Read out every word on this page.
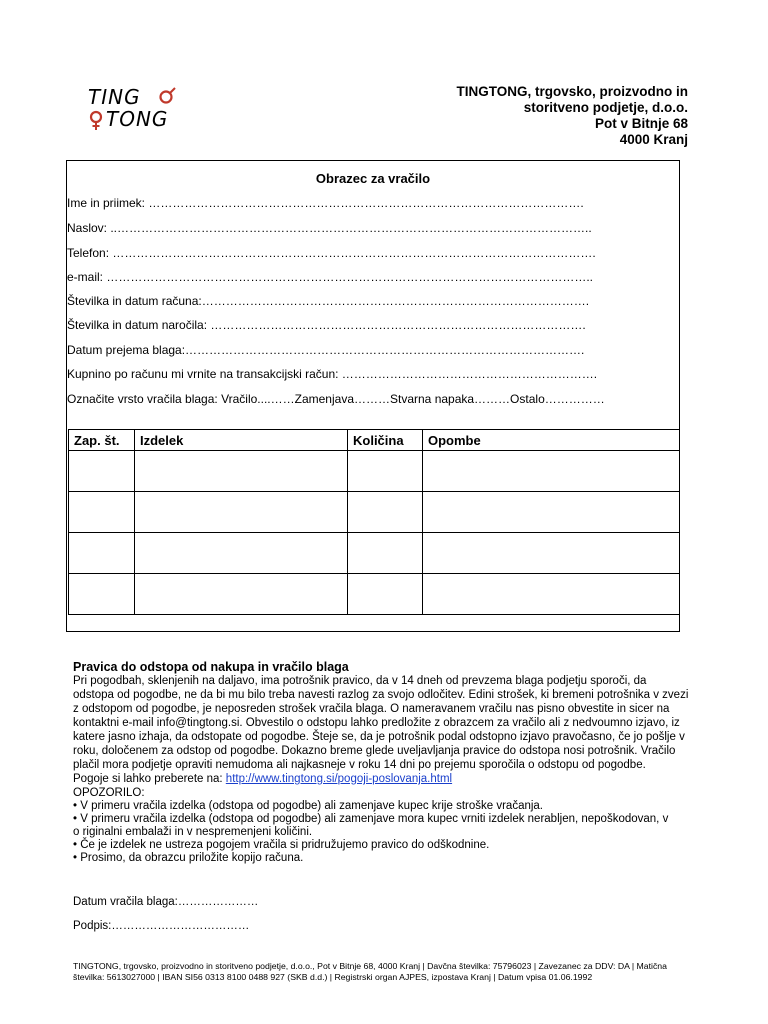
TING
TONG
TINGTONG, trgovsko, proizvodno in
storitveno podjetje, d.o.o.
Pot v Bitnje 68
4000 Kranj
Obrazec za vračilo
Ime in priimek: ……………………………………………………………………………………………….
Naslov: ..………………………………………………………………………………………………………..
Telefon: ………………………………………………………………………………………………………….
e-mail: …………………………………………………………………………………………………………..
Številka in datum računa:…………………………………………………………………………………….
Številka in datum naročila: ………………………………………………………………………………….
Datum prejema blaga:……………………………………………………………………………………….
Kupnino po računu mi vrnite na transakcijski račun: ……………………………………………………….
Označite vrsto vračila blaga: Vračilo....……Zamenjava………Stvarna napaka………Ostalo……………
Zap. št.	Izdelek	Količina	Opombe

Pravica do odstopa od nakupa in vračilo blaga

Pri pogodbah, sklenjenih na daljavo, ima potrošnik pravico, da v 14 dneh od prevzema blaga podjetju sporoči, da

odstopa od pogodbe, ne da bi mu bilo treba navesti razlog za svojo odločitev. Edini strošek, ki bremeni potrošnika v zvezi

z odstopom od pogodbe, je neposreden strošek vračila blaga. O nameravanem vračilu nas pisno obvestite in sicer na

kontaktni e-mail info@tingtong.si. Obvestilo o odstopu lahko predložite z obrazcem za vračilo ali z nedvoumno izjavo, iz

katere jasno izhaja, da odstopate od pogodbe. Šteje se, da je potrošnik podal odstopno izjavo pravočasno, če jo pošlje v

roku, določenem za odstop od pogodbe. Dokazno breme glede uveljavljanja pravice do odstopa nosi potrošnik. Vračilo

plačil mora podjetje opraviti nemudoma ali najkasneje v roku 14 dni po prejemu sporočila o odstopu od pogodbe.

Pogoje si lahko preberete na: http://www.tingtong.si/pogoji-poslovanja.html

OPOZORILO:
• V primeru vračila izdelka (odstopa od pogodbe) ali zamenjave kupec krije stroške vračanja.
• V primeru vračila izdelka (odstopa od pogodbe) ali zamenjave mora kupec vrniti izdelek nerabljen, nepoškodovan, v
o riginalni embalaži in v nespremenjeni količini.
• Če je izdelek ne ustreza pogojem vračila si pridružujemo pravico do odškodnine.
• Prosimo, da obrazcu priložite kopijo računa.
Datum vračila blaga:…………………
Podpis:………………………………
TINGTONG, trgovsko, proizvodno in storitveno podjetje, d.o.o., Pot v Bitnje 68, 4000 Kranj | Davčna številka: 75796023 | Zavezanec za DDV: DA | Matična
številka: 5613027000 | IBAN SI56 0313 8100 0488 927 (SKB d.d.) | Registrski organ AJPES, izpostava Kranj | Datum vpisa 01.06.1992
